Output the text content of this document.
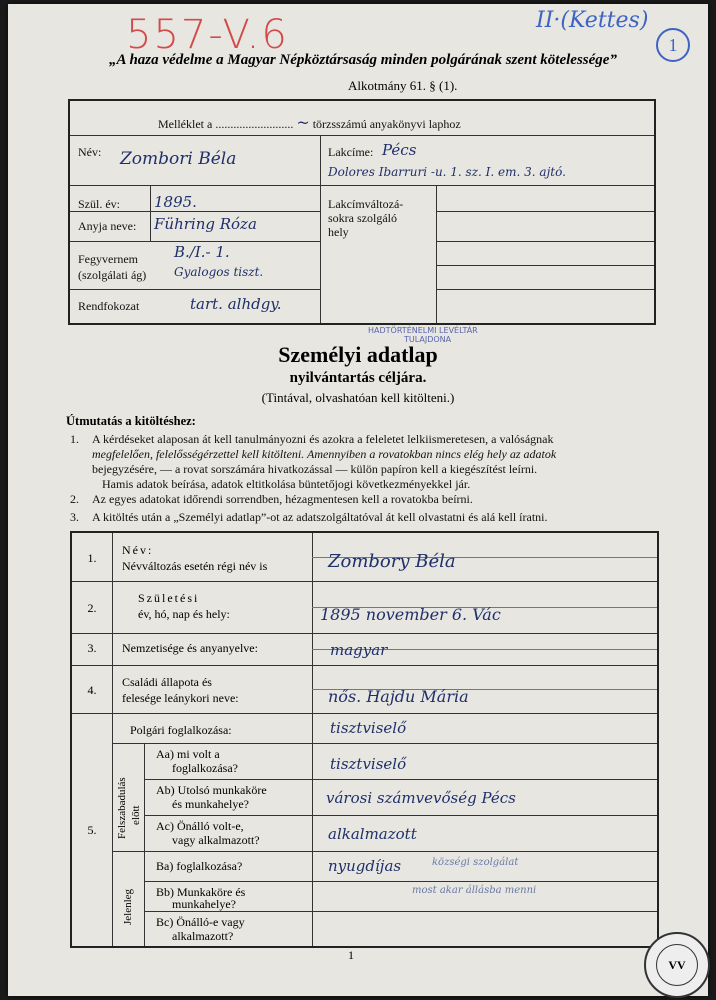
557-V.6	II·(Kettes)
1
„A haza védelme a Magyar Népköztársaság minden polgárának szent kötelessége”
Alkotmány 61. § (1).
Melléklet a .......................... ~ törzsszámú anyakönyvi laphoz
Név: Zombori Béla	Lakcíme: Pécs
Dolores Ibarruri -u. 1. sz. I. em. 3. ajtó.
Szül. év: 1895.
Anyja neve: Führing Róza
Lakcímváltozá-
sokra szolgáló
hely
Fegyvernem
(szolgálati ág)
B./I.- 1.
Gyalogos tiszt.
Rendfokozat	tart. alhdgy.
HADTÖRTÉNELMI LEVÉLTÁR
TULAJDONA
Személyi adatlap
nyilvántartás céljára.
(Tintával, olvashatóan kell kitölteni.)
Útmutatás a kitöltéshez:
1. A kérdéseket alaposan át kell tanulmányozni és azokra a feleletet lelkiismeretesen, a valóságnak
megfelelően, felelősségérzettel kell kitölteni. Amennyiben a rovatokban nincs elég hely az adatok
bejegyzésére, — a rovat sorszámára hivatkozással — külön papíron kell a kiegészítést leírni.
Hamis adatok beírása, adatok eltitkolása büntetőjogi következményekkel jár.
2. Az egyes adatokat időrendi sorrendben, hézagmentesen kell a rovatokba beírni.
3. A kitöltés után a „Személyi adatlap”-ot az adatszolgáltatóval át kell olvastatni és alá kell íratni.
1.
Név:
Névváltozás esetén régi név is	Zombory Béla
2.
Születési
év, hó, nap és hely:	1895 november 6. Vác
3.	Nemzetisége és anyanyelve:	magyar
4.
Családi állapota és
felesége leánykori neve:	nős. Hajdu Mária
5.
Polgári foglalkozása:	tisztviselő
Felszabadulás előtt
Aa) mi volt a
foglalkozása?	tisztviselő
Ab) Utolsó munkaköre
és munkahelye?	városi számvevőség Pécs
Ac) Önálló volt-e,
vagy alkalmazott?	alkalmazott
Jelenleg
Ba) foglalkozása?	nyugdíjas	községi szolgálat
Bb) Munkaköre és
munkahelye?
most akar állásba menni
Bc) Önálló-e vagy
alkalmazott?
1
VV
